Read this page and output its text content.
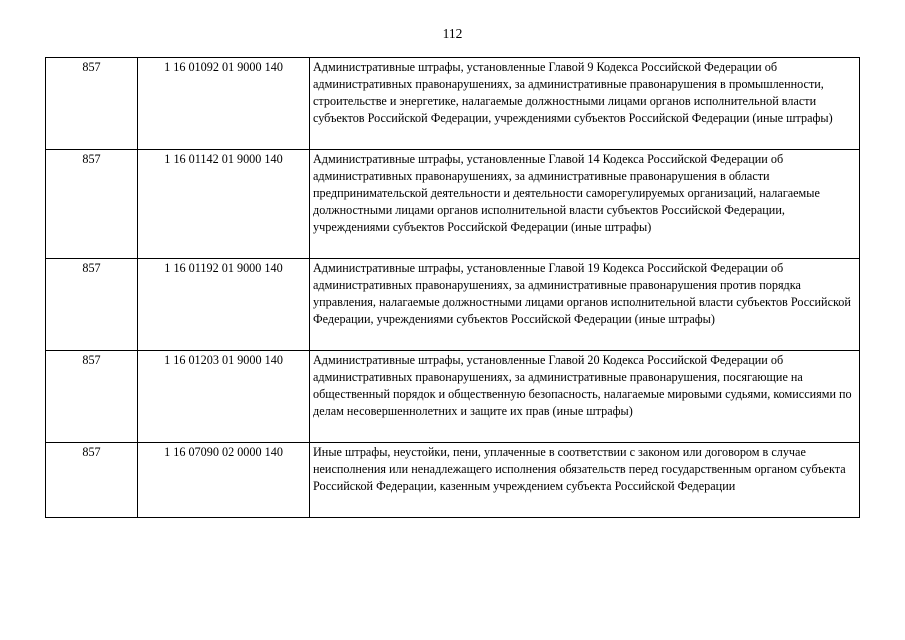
112
857	1 16 01092 01 9000 140	Административные штрафы, установленные Главой 9 Кодекса Российской Федерации об административных правонарушениях, за административные правонарушения в промышленности, строительстве и энергетике, налагаемые должностными лицами органов исполнительной власти субъектов Российской Федерации, учреждениями субъектов Российской Федерации (иные штрафы)
857	1 16 01142 01 9000 140	Административные штрафы, установленные Главой 14 Кодекса Российской Федерации об административных правонарушениях, за административные правонарушения в области предпринимательской деятельности и деятельности саморегулируемых организаций, налагаемые должностными лицами органов исполнительной власти субъектов Российской Федерации, учреждениями субъектов Российской Федерации (иные штрафы)
857	1 16 01192 01 9000 140	Административные штрафы, установленные Главой 19 Кодекса Российской Федерации об административных правонарушениях, за административные правонарушения против порядка управления, налагаемые должностными лицами органов исполнительной власти субъектов Российской Федерации, учреждениями субъектов Российской Федерации (иные штрафы)
857	1 16 01203 01 9000 140	Административные штрафы, установленные Главой 20 Кодекса Российской Федерации об административных правонарушениях, за административные правонарушения, посягающие на общественный порядок и общественную безопасность, налагаемые мировыми судьями, комиссиями по делам несовершеннолетних и защите их прав (иные штрафы)
857	1 16 07090 02 0000 140	Иные штрафы, неустойки, пени, уплаченные в соответствии с законом или договором в случае неисполнения или ненадлежащего исполнения обязательств перед государственным органом субъекта Российской Федерации, казенным учреждением субъекта Российской Федерации
